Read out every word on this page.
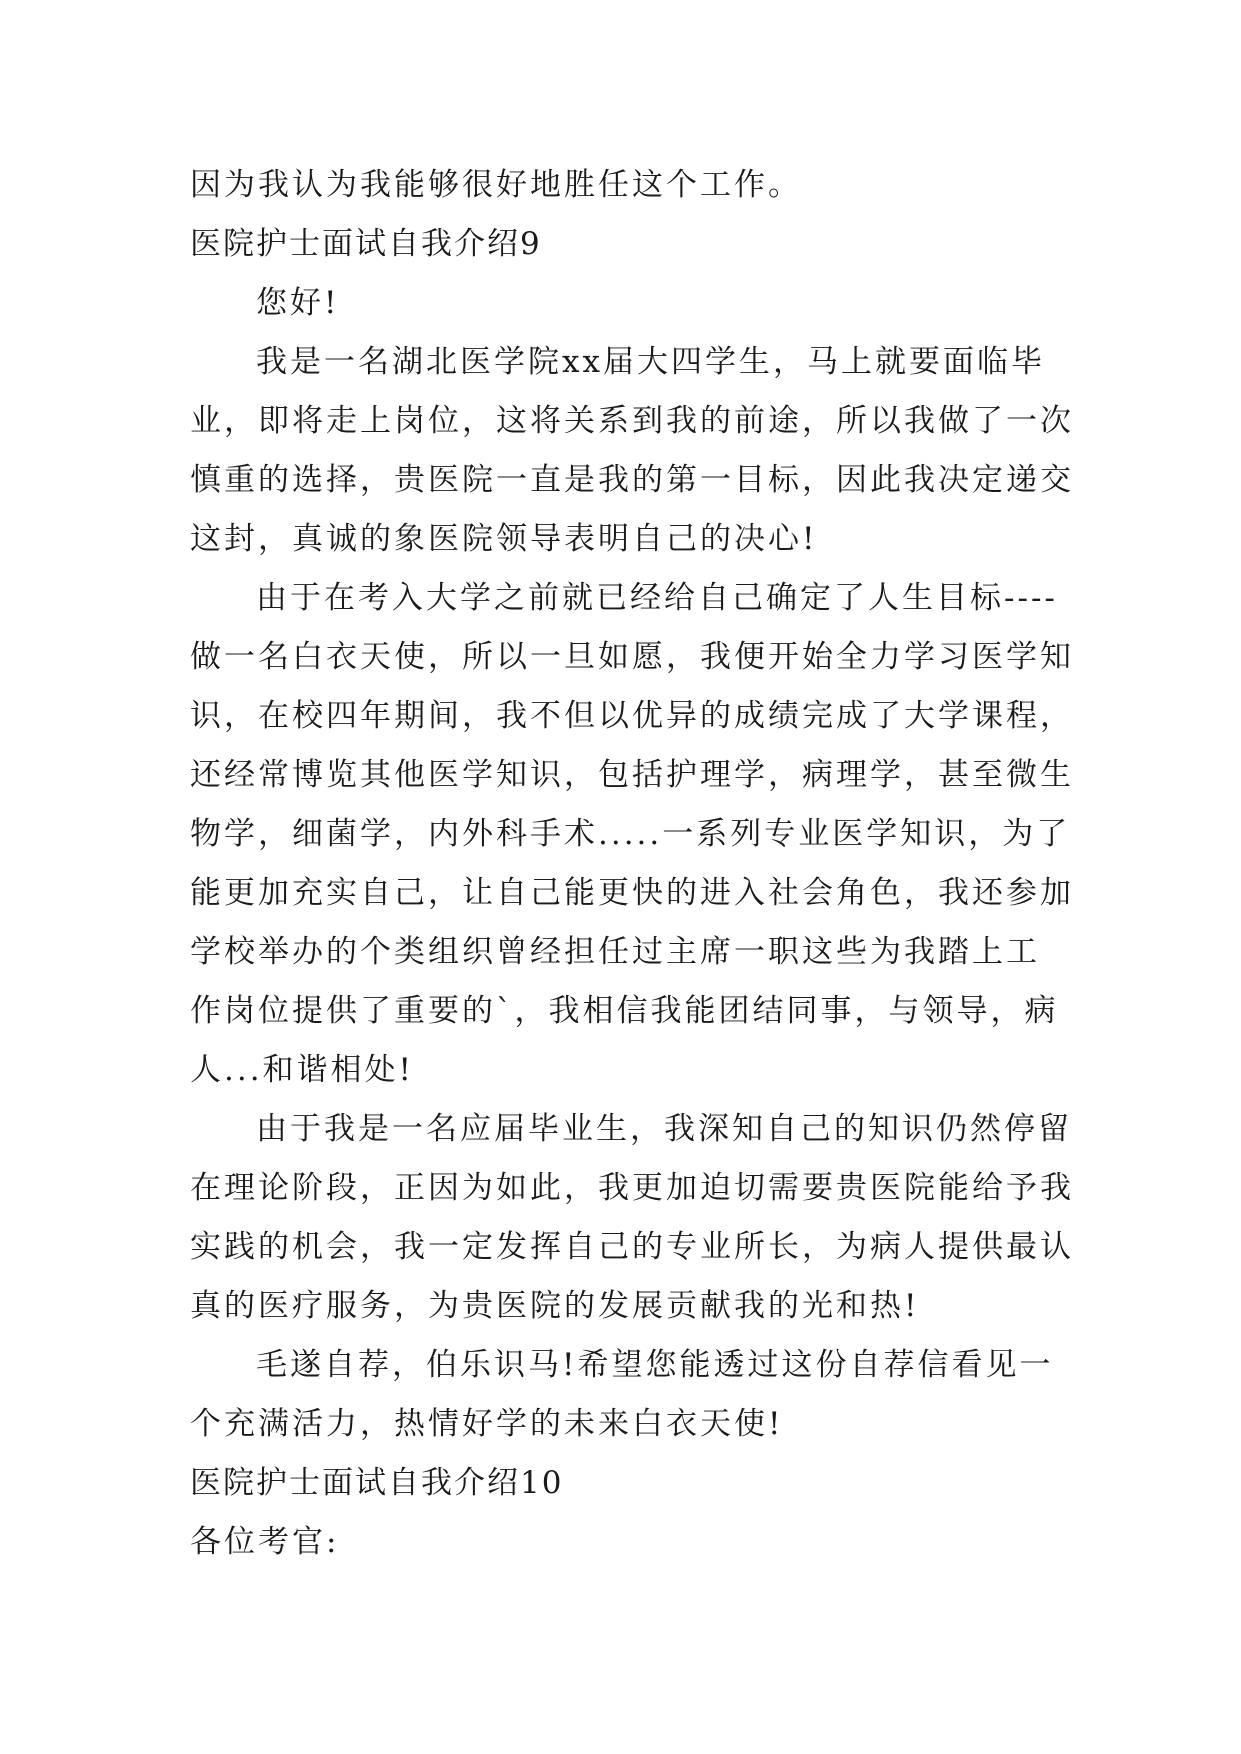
因为我认为我能够很好地胜任这个工作。
医院护士面试自我介绍9
您好!
我是一名湖北医学院xx届大四学生，马上就要面临毕
业，即将走上岗位，这将关系到我的前途，所以我做了一次
慎重的选择，贵医院一直是我的第一目标，因此我决定递交
这封，真诚的象医院领导表明自己的决心!
由于在考入大学之前就已经给自己确定了人生目标----
做一名白衣天使，所以一旦如愿，我便开始全力学习医学知
识，在校四年期间，我不但以优异的成绩完成了大学课程，
还经常博览其他医学知识，包括护理学，病理学，甚至微生
物学，细菌学，内外科手术.....一系列专业医学知识，为了
能更加充实自己，让自己能更快的进入社会角色，我还参加
学校举办的个类组织曾经担任过主席一职这些为我踏上工
作岗位提供了重要的`，我相信我能团结同事，与领导，病
人...和谐相处!
由于我是一名应届毕业生，我深知自己的知识仍然停留
在理论阶段，正因为如此，我更加迫切需要贵医院能给予我
实践的机会，我一定发挥自己的专业所长，为病人提供最认
真的医疗服务，为贵医院的发展贡献我的光和热!
毛遂自荐，伯乐识马!希望您能透过这份自荐信看见一
个充满活力，热情好学的未来白衣天使!
医院护士面试自我介绍10
各位考官:
